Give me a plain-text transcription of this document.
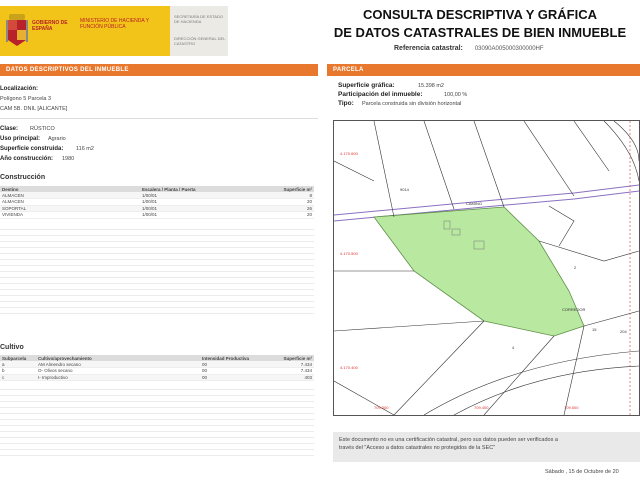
GOBIERNO DE ESPAÑA
MINISTERIO DE HACIENDA Y FUNCIÓN PÚBLICA
SECRETARÍA DE ESTADO DE HACIENDA
DIRECCIÓN GENERAL DEL CATASTRO
CONSULTA DESCRIPTIVA Y GRÁFICA
DE DATOS CATASTRALES DE BIEN INMUEBLE
Referencia catastral: 03090A005000300000HF
DATOS DESCRIPTIVOS DEL INMUEBLE
Localización:
Polígono 5 Parcela 3
CAM 5B. DNIL [ALICANTE]
Clase: RÚSTICO
Uso principal: Agrario
Superficie construida: 116 m2
Año construcción: 1980
Construcción
Destino	Escalera / Planta / Puerta	Superficie m²
ALMACEN	1/00/01	8
ALMACEN	1/00/01	20
SOPORTAL	1/00/01	26
VIVIENDA	1/00/01	20
Cultivo
Subparcela	Cultivo/aprovechamiento	Intensidad Productiva	Superficie m²
a	AM Almendro secano	00	7.434
b	O- Olivos secano	00	7.434
c	I- Improductivo	00	403
PARCELA
Superficie gráfica:	15.398 m2
Participación del inmueble:	100,00 %
Tipo: Parcela construida sin división horizontal
4.170.600
4.170.500
4.170.400
709.300	709.400	709.500
CAMINO
CORREDOR
2
4
15	204
9014
Este documento no es una certificación catastral, pero sus datos pueden ser verificados a
través del "Acceso a datos catastrales no protegidos de la SEC"
Sábado , 15 de Octubre de 20
